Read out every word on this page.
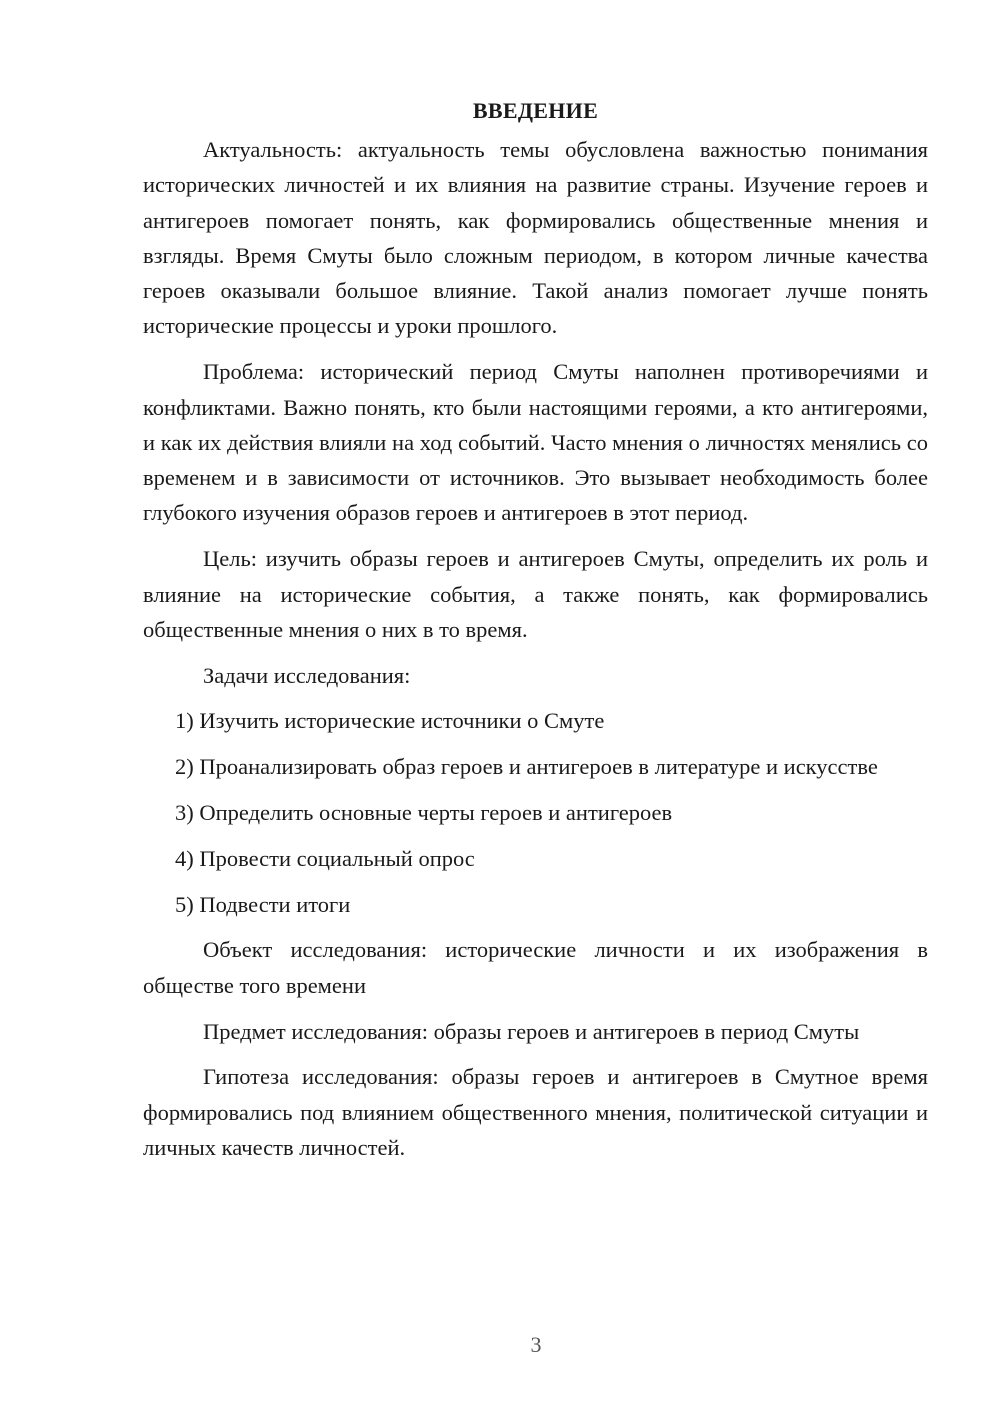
ВВЕДЕНИЕ

Актуальность: актуальность темы обусловлена важностью понимания исторических личностей и их влияния на развитие страны. Изучение героев и антигероев помогает понять, как формировались общественные мнения и взгляды. Время Смуты было сложным периодом, в котором личные качества героев оказывали большое влияние. Такой анализ помогает лучше понять исторические процессы и уроки прошлого.

Проблема: исторический период Смуты наполнен противоречиями и конфликтами. Важно понять, кто были настоящими героями, а кто антигероями, и как их действия влияли на ход событий. Часто мнения о личностях менялись со временем и в зависимости от источников. Это вызывает необходимость более глубокого изучения образов героев и антигероев в этот период.

Цель: изучить образы героев и антигероев Смуты, определить их роль и влияние на исторические события, а также понять, как формировались общественные мнения о них в то время.

Задачи исследования:

1) Изучить исторические источники о Смуте

2) Проанализировать образ героев и антигероев в литературе и искусстве

3) Определить основные черты героев и антигероев

4) Провести социальный опрос

5) Подвести итоги

Объект исследования: исторические личности и их изображения в обществе того времени

Предмет исследования: образы героев и антигероев в период Смуты

Гипотеза исследования: образы героев и антигероев в Смутное время формировались под влиянием общественного мнения, политической ситуации и личных качеств личностей.

3
